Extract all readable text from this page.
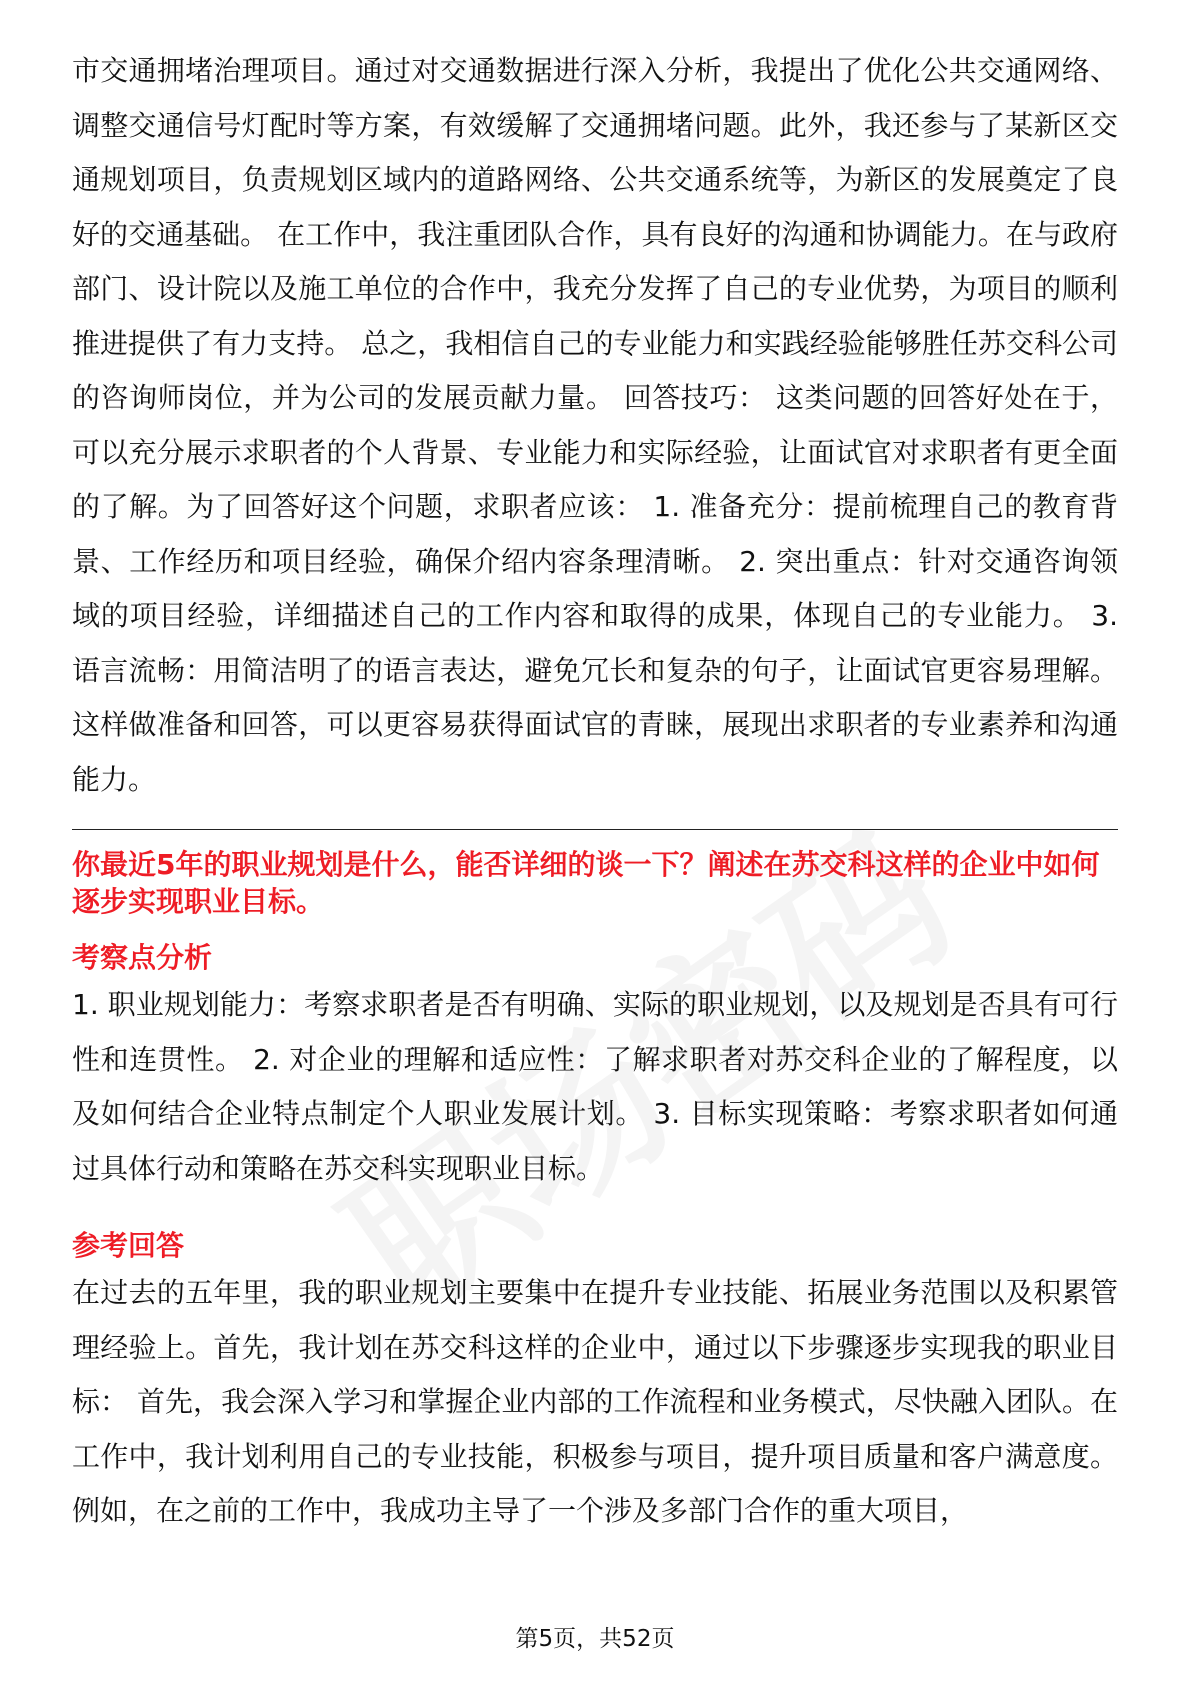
市交通拥堵治理项目。通过对交通数据进行深入分析，我提出了优化公共交通网络、调整交通信号灯配时等方案，有效缓解了交通拥堵问题。此外，我还参与了某新区交通规划项目，负责规划区域内的道路网络、公共交通系统等，为新区的发展奠定了良好的交通基础。 在工作中，我注重团队合作，具有良好的沟通和协调能力。在与政府部门、设计院以及施工单位的合作中，我充分发挥了自己的专业优势，为项目的顺利推进提供了有力支持。 总之，我相信自己的专业能力和实践经验能够胜任苏交科公司的咨询师岗位，并为公司的发展贡献力量。 回答技巧： 这类问题的回答好处在于，可以充分展示求职者的个人背景、专业能力和实际经验，让面试官对求职者有更全面的了解。为了回答好这个问题，求职者应该： 1. 准备充分：提前梳理自己的教育背景、工作经历和项目经验，确保介绍内容条理清晰。 2. 突出重点：针对交通咨询领域的项目经验，详细描述自己的工作内容和取得的成果，体现自己的专业能力。 3. 语言流畅：用简洁明了的语言表达，避免冗长和复杂的句子，让面试官更容易理解。 这样做准备和回答，可以更容易获得面试官的青睐，展现出求职者的专业素养和沟通能力。

你最近5年的职业规划是什么，能否详细的谈一下？阐述在苏交科这样的企业中如何逐步实现职业目标。

考察点分析

1. 职业规划能力：考察求职者是否有明确、实际的职业规划，以及规划是否具有可行性和连贯性。 2. 对企业的理解和适应性：了解求职者对苏交科企业的了解程度，以及如何结合企业特点制定个人职业发展计划。 3. 目标实现策略：考察求职者如何通过具体行动和策略在苏交科实现职业目标。

参考回答

在过去的五年里，我的职业规划主要集中在提升专业技能、拓展业务范围以及积累管理经验上。首先，我计划在苏交科这样的企业中，通过以下步骤逐步实现我的职业目标： 首先，我会深入学习和掌握企业内部的工作流程和业务模式，尽快融入团队。在工作中，我计划利用自己的专业技能，积极参与项目，提升项目质量和客户满意度。例如，在之前的工作中，我成功主导了一个涉及多部门合作的重大项目，

第5页，共52页
